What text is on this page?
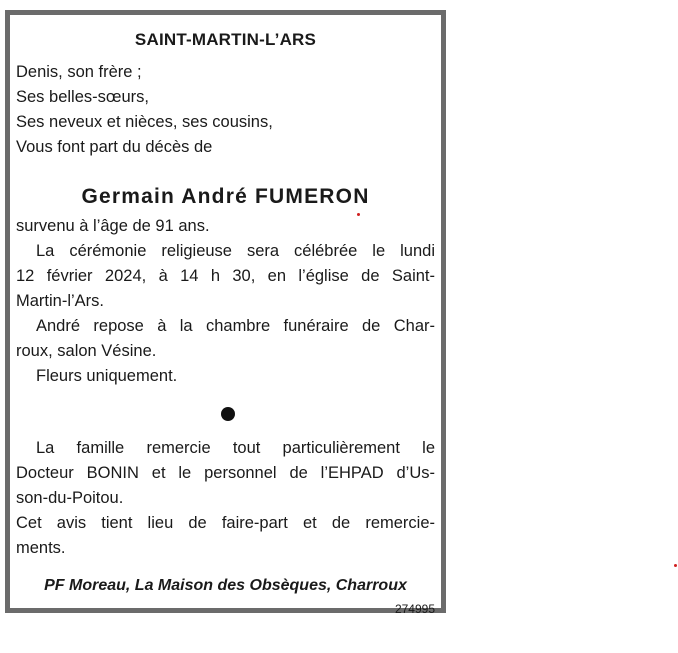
SAINT-MARTIN-L’ARS
Denis, son frère ;
Ses belles-sœurs,
Ses neveux et nièces, ses cousins,
Vous font part du décès de
Germain André FUMERON
survenu à l’âge de 91 ans.
La cérémonie religieuse sera célébrée le lundi
12 février 2024, à 14 h 30, en l’église de Saint-
Martin-l’Ars.
André repose à la chambre funéraire de Char-
roux, salon Vésine.
Fleurs uniquement.
La famille remercie tout particulièrement le
Docteur BONIN et le personnel de l’EHPAD d’Us-
son-du-Poitou.
Cet avis tient lieu de faire-part et de remercie-
ments.
PF Moreau, La Maison des Obsèques, Charroux
274995
